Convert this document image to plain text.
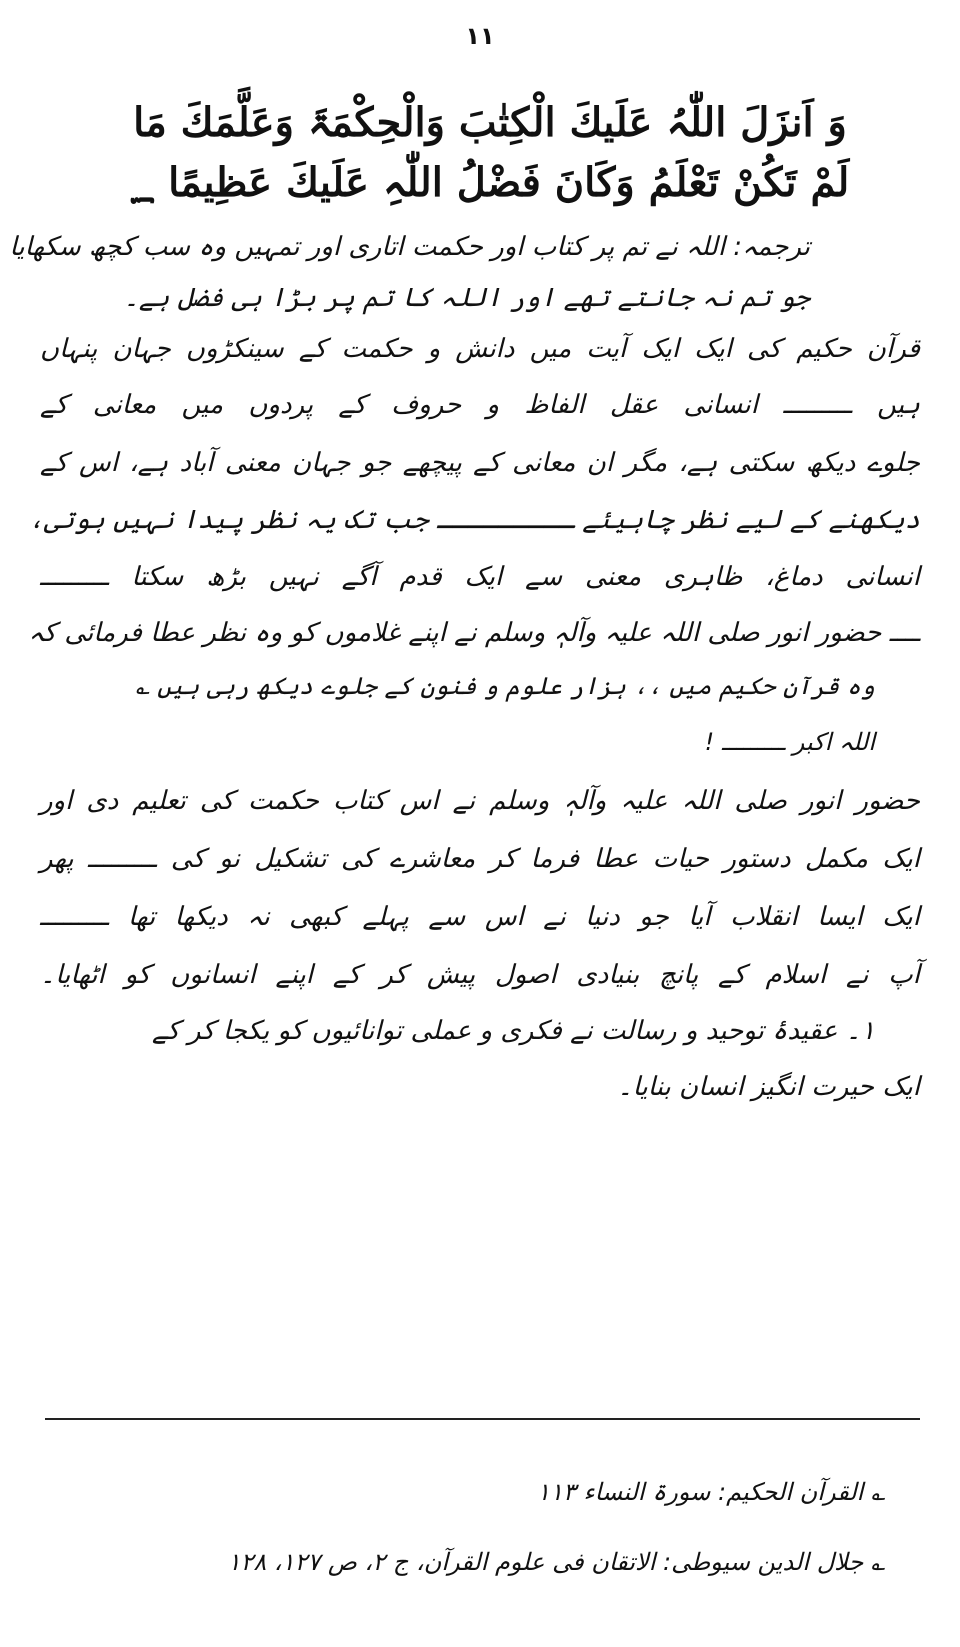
١١
وَ اَنزَلَ اللّٰہُ عَلَیكَ الْكِتٰبَ وَالْحِكْمَۃَ وَعَلَّمَكَ مَا
لَمْ تَكُنْ تَعْلَمُ وَكَانَ فَضْلُ اللّٰہِ عَلَیكَ عَظِیمًا ؁
ترجمہ: اللہ نے تم پر کتاب اور حکمت اتاری اور تمہیں وہ سب کچھ سکھایا
جو تم نہ جانتے تھے اور اللہ کا تم پر بڑا ہی فضل ہے۔
قرآن حکیم کی ایک ایک آیت میں دانش و حکمت کے سینکڑوں جہان پنہاں
ہیں ـــــــــ انسانی عقل الفاظ و حروف کے پردوں میں معانی کے
جلوے دیکھ سکتی ہے، مگر ان معانی کے پیچھے جو جہان معنی آباد ہے، اس کے
دیکھنے کے لیے نظر چاہیئے ـــــــــ جب تک یہ نظر پیدا نہیں ہوتی،
انسانی دماغ، ظاہری معنی سے ایک قدم آگے نہیں بڑھ سکتا ـــــــــ
ــــ حضور انور صلی اللہ علیہ وآلہٖ وسلم نے اپنے غلاموں کو وہ نظر عطا فرمائی کہ
وہ قرآن حکیم میں ،، ہزار علوم و فنون کے جلوے دیکھ رہی ہیں ؎
اللہ اکبر ـــــــــ !
حضور انور صلی اللہ علیہ وآلہٖ وسلم نے اس کتاب حکمت کی تعلیم دی اور
ایک مکمل دستور حیات عطا فرما کر معاشرے کی تشکیل نو کی ـــــــــ پھر
ایک ایسا انقلاب آیا جو دنیا نے اس سے پہلے کبھی نہ دیکھا تھا ـــــــــ
آپ نے اسلام کے پانچ بنیادی اصول پیش کر کے اپنے انسانوں کو اٹھایا۔
۱۔ عقیدۂ توحید و رسالت نے فکری و عملی توانائیوں کو یکجا کر کے
ایک حیرت انگیز انسان بنایا۔
؎ القرآن الحکیم: سورۃ النساء ۱۱۳
؎ جلال الدین سیوطی: الاتقان فی علوم القرآن، ج ۲، ص ۱۲۷، ۱۲۸
